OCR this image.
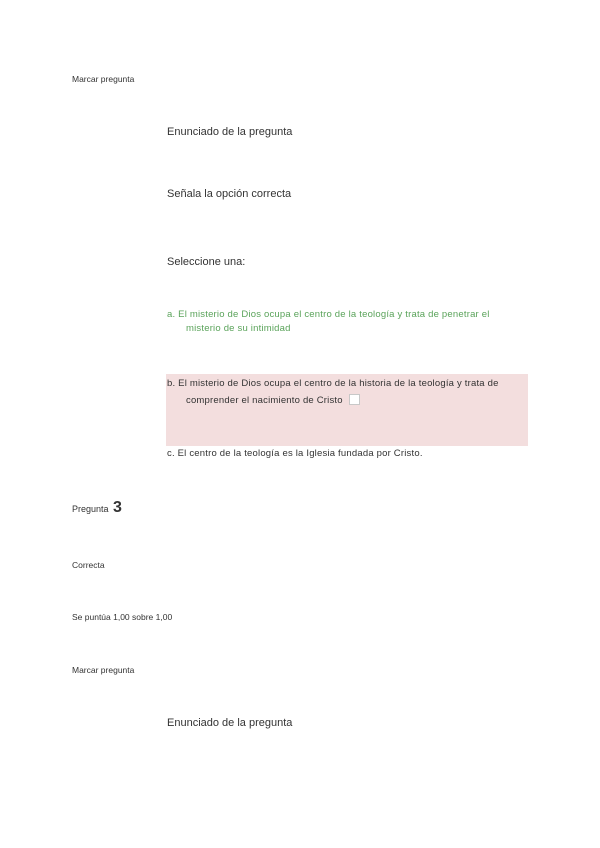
Marcar pregunta
Enunciado de la pregunta
Señala la opción correcta
Seleccione una:
a. El misterio de Dios ocupa el centro de la teología y trata de penetrar el
misterio de su intimidad
b. El misterio de Dios ocupa el centro de la historia de la teología y trata de
comprender el nacimiento de Cristo
c. El centro de la teología es la Iglesia fundada por Cristo.
Pregunta 3
Correcta
Se puntúa 1,00 sobre 1,00
Marcar pregunta
Enunciado de la pregunta
